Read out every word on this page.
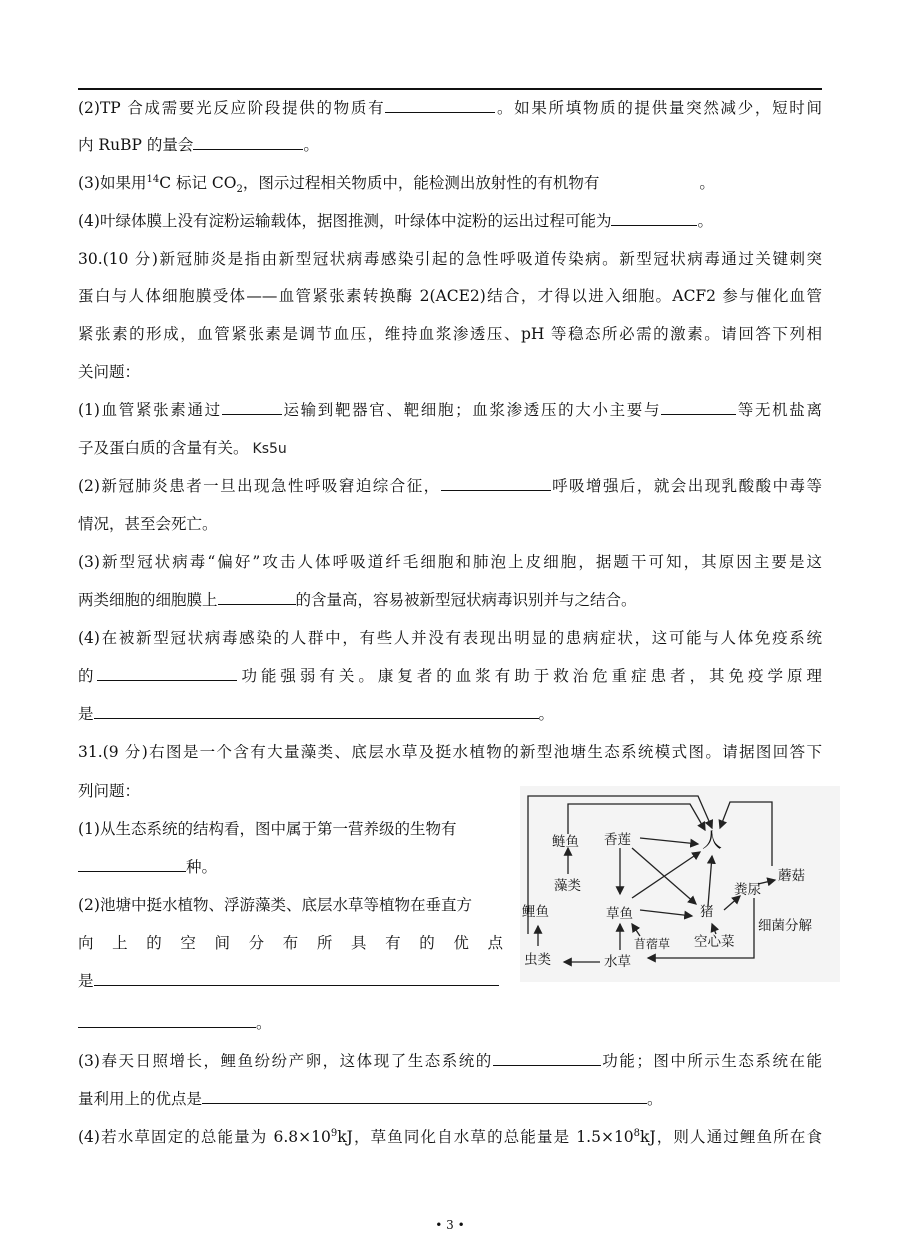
(2)TP 合成需要光反应阶段提供的物质有	。如果所填物质的提供量突然减少，短时间
内 RuBP 的量会	。
(3)如果用$^{14}$C 标记 $CO_2$，图示过程相关物质中，能检测出放射性的有机物有	。
(4)叶绿体膜上没有淀粉运输载体，据图推测，叶绿体中淀粉的运出过程可能为	。
30.(10 分)新冠肺炎是指由新型冠状病毒感染引起的急性呼吸道传染病。新型冠状病毒通过关键刺突
蛋白与人体细胞膜受体——血管紧张素转换酶 2(ACE2)结合，才得以进入细胞。ACF2 参与催化血管
紧张素的形成，血管紧张素是调节血压，维持血浆渗透压、pH 等稳态所必需的激素。请回答下列相
关问题：
(1)血管紧张素通过	运输到靶器官、靶细胞；血浆渗透压的大小主要与	等无机盐离
子及蛋白质的含量有关。 Ks5u
(2)新冠肺炎患者一旦出现急性呼吸窘迫综合征，	呼吸增强后，就会出现乳酸酸中毒等
情况，甚至会死亡。
(3)新型冠状病毒“偏好”攻击人体呼吸道纤毛细胞和肺泡上皮细胞，据题干可知，其原因主要是这
两类细胞的细胞膜上	的含量高，容易被新型冠状病毒识别并与之结合。
(4)在被新型冠状病毒感染的人群中，有些人并没有表现出明显的患病症状，这可能与人体免疫系统
的	功能强弱有关。康复者的血浆有助于救治危重症患者，其免疫学原理
是	。
31.(9 分)右图是一个含有大量藻类、底层水草及挺水植物的新型池塘生态系统模式图。请据图回答下
列问题：
(1)从生态系统的结构看，图中属于第一营养级的生物有
种。
(2)池塘中挺水植物、浮游藻类、底层水草等植物在垂直方
向 上 的 空 间 分 布 所 具 有 的 优 点
是
。
人
鲢鱼 香莲
蘑菇
粪尿
藻类
猪
鲤鱼	草鱼
细菌分解
空心菜
苜蓿草
虫类	水草
(3)春天日照增长，鲤鱼纷纷产卵，这体现了生态系统的	功能；图中所示生态系统在能
量利用上的优点是	。
(4)若水草固定的总能量为 $6.8\times 10^9kJ$，草鱼同化自水草的总能量是 $1.5\times 10^8kJ$，则人通过鲤鱼所在食
• 3 •
